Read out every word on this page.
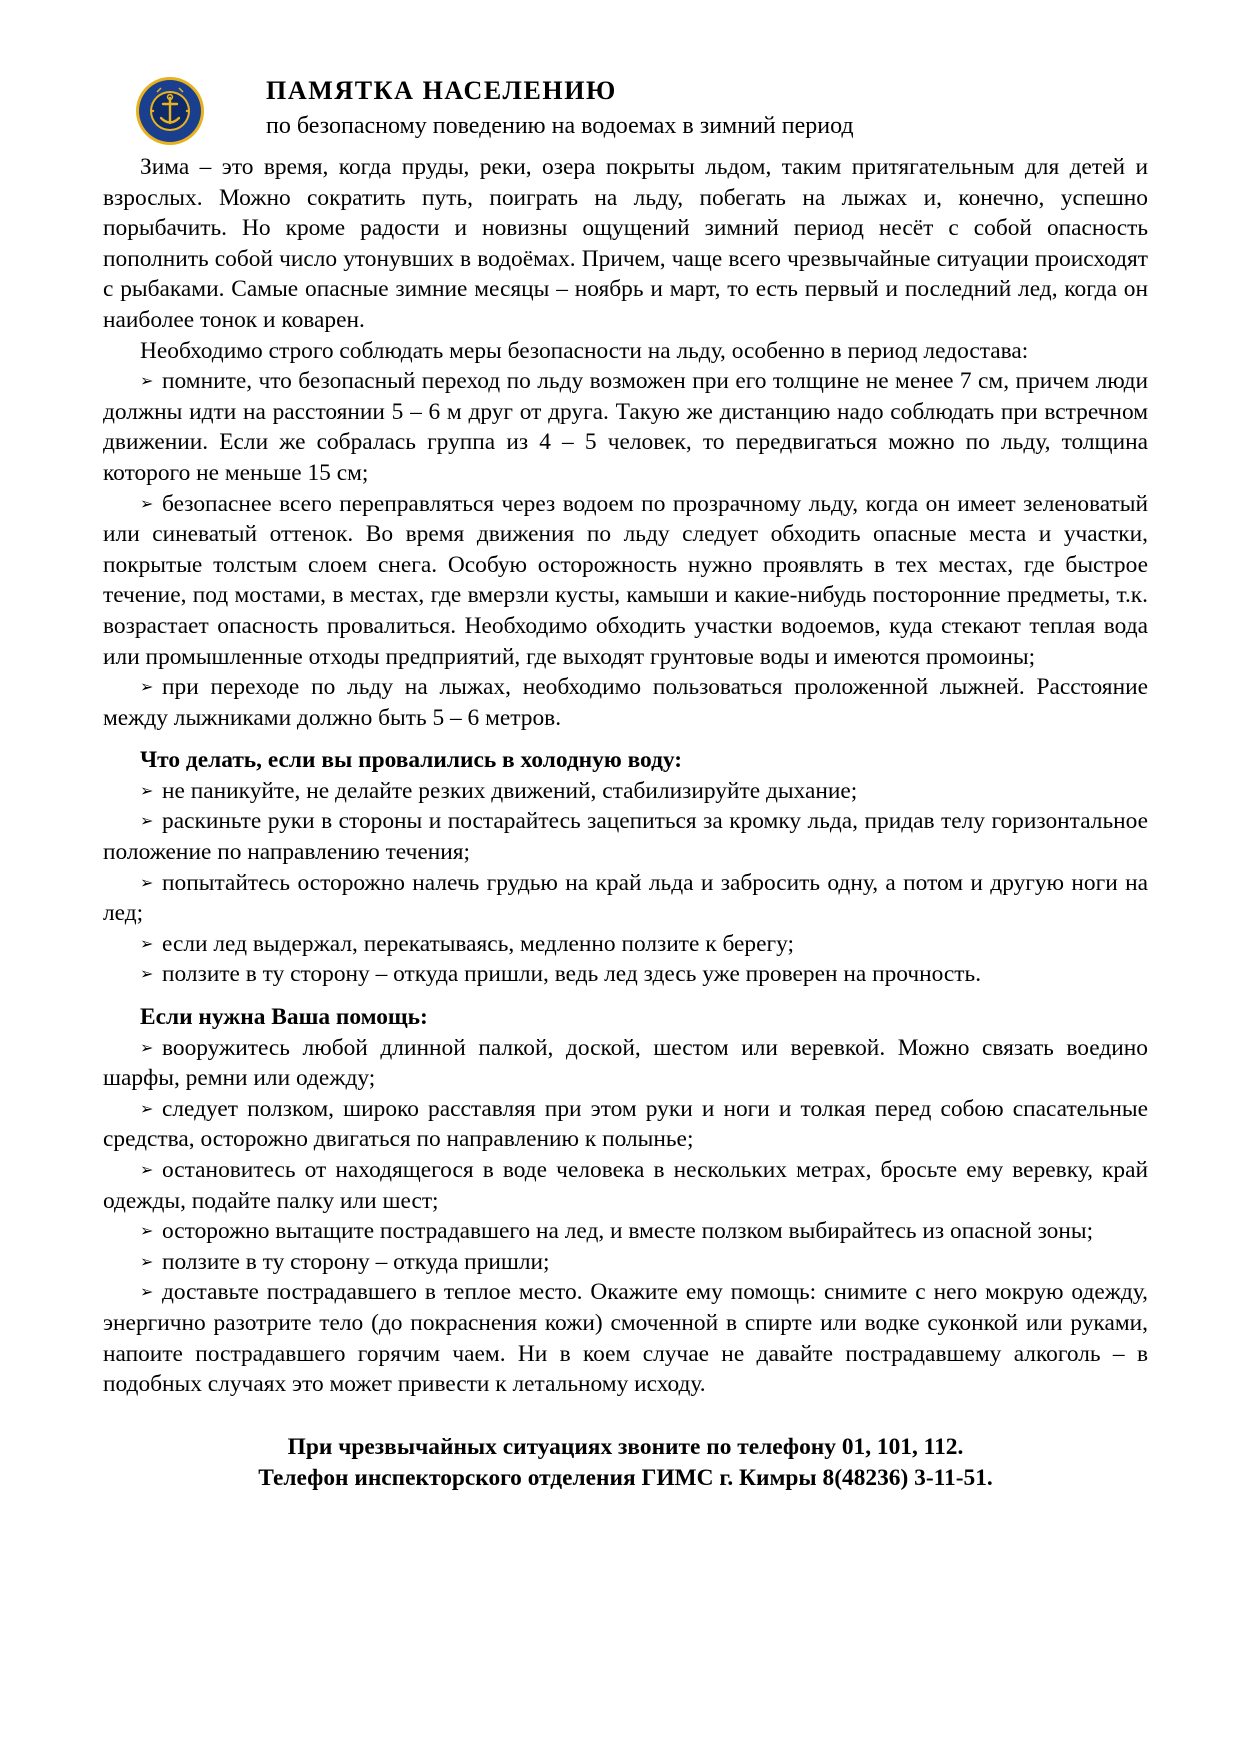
ПАМЯТКА НАСЕЛЕНИЮ
по безопасному поведению на водоемах в зимний период

Зима – это время, когда пруды, реки, озера покрыты льдом, таким притягательным для детей и взрослых. Можно сократить путь, поиграть на льду, побегать на лыжах и, конечно, успешно порыбачить. Но кроме радости и новизны ощущений зимний период несёт с собой опасность пополнить собой число утонувших в водоёмах. Причем, чаще всего чрезвычайные ситуации происходят с рыбаками. Самые опасные зимние месяцы – ноябрь и март, то есть первый и последний лед, когда он наиболее тонок и коварен.

Необходимо строго соблюдать меры безопасности на льду, особенно в период ледостава:

➢ помните, что безопасный переход по льду возможен при его толщине не менее 7 см, причем люди должны идти на расстоянии 5 – 6 м друг от друга. Такую же дистанцию надо соблюдать при встречном движении. Если же собралась группа из 4 – 5 человек, то передвигаться можно по льду, толщина которого не меньше 15 см;

➢ безопаснее всего переправляться через водоем по прозрачному льду, когда он имеет зеленоватый или синеватый оттенок. Во время движения по льду следует обходить опасные места и участки, покрытые толстым слоем снега. Особую осторожность нужно проявлять в тех местах, где быстрое течение, под мостами, в местах, где вмерзли кусты, камыши и какие-нибудь посторонние предметы, т.к. возрастает опасность провалиться. Необходимо обходить участки водоемов, куда стекают теплая вода или промышленные отходы предприятий, где выходят грунтовые воды и имеются промоины;

➢ при переходе по льду на лыжах, необходимо пользоваться проложенной лыжней. Расстояние между лыжниками должно быть 5 – 6 метров.

Что делать, если вы провалились в холодную воду:

➢ не паникуйте, не делайте резких движений, стабилизируйте дыхание;

➢ раскиньте руки в стороны и постарайтесь зацепиться за кромку льда, придав телу горизонтальное положение по направлению течения;

➢ попытайтесь осторожно налечь грудью на край льда и забросить одну, а потом и другую ноги на лед;

➢ если лед выдержал, перекатываясь, медленно ползите к берегу;

➢ ползите в ту сторону – откуда пришли, ведь лед здесь уже проверен на прочность.

Если нужна Ваша помощь:

➢ вооружитесь любой длинной палкой, доской, шестом или веревкой. Можно связать воедино шарфы, ремни или одежду;

➢ следует ползком, широко расставляя при этом руки и ноги и толкая перед собою спасательные средства, осторожно двигаться по направлению к полынье;

➢ остановитесь от находящегося в воде человека в нескольких метрах, бросьте ему веревку, край одежды, подайте палку или шест;

➢ осторожно вытащите пострадавшего на лед, и вместе ползком выбирайтесь из опасной зоны;

➢ ползите в ту сторону – откуда пришли;

➢ доставьте пострадавшего в теплое место. Окажите ему помощь: снимите с него мокрую одежду, энергично разотрите тело (до покраснения кожи) смоченной в спирте или водке суконкой или руками, напоите пострадавшего горячим чаем. Ни в коем случае не давайте пострадавшему алкоголь – в подобных случаях это может привести к летальному исходу.

При чрезвычайных ситуациях звоните по телефону 01, 101, 112.
Телефон инспекторского отделения ГИМС г. Кимры 8(48236) 3-11-51.
